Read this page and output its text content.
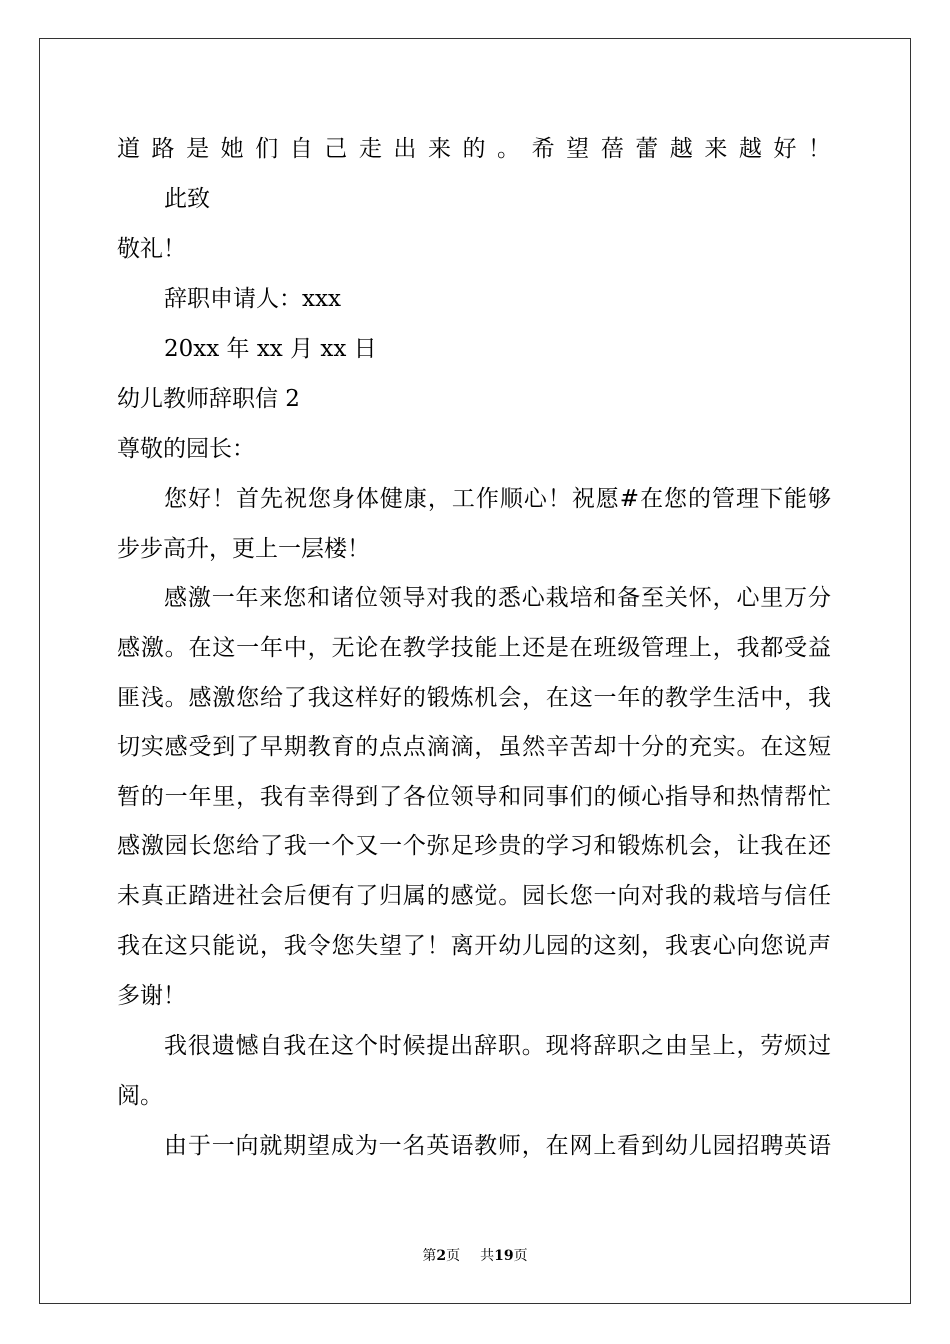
道路是她们自己走出来的。希望蓓蕾越来越好！
此致
敬礼！
辞职申请人：xxx
20xx 年 xx 月 xx 日
幼儿教师辞职信 2
尊敬的园长：
您好！首先祝您身体健康，工作顺心！祝愿#在您的管理下能够
步步高升，更上一层楼！
感激一年来您和诸位领导对我的悉心栽培和备至关怀，心里万分
感激。在这一年中，无论在教学技能上还是在班级管理上，我都受益
匪浅。感激您给了我这样好的锻炼机会，在这一年的教学生活中，我
切实感受到了早期教育的点点滴滴，虽然辛苦却十分的充实。在这短
暂的一年里，我有幸得到了各位领导和同事们的倾心指导和热情帮忙
感激园长您给了我一个又一个弥足珍贵的学习和锻炼机会，让我在还
未真正踏进社会后便有了归属的感觉。园长您一向对我的栽培与信任
我在这只能说，我令您失望了！离开幼儿园的这刻，我衷心向您说声
多谢！
我很遗憾自我在这个时候提出辞职。现将辞职之由呈上，劳烦过
阅。
由于一向就期望成为一名英语教师，在网上看到幼儿园招聘英语
第2页 共19页
